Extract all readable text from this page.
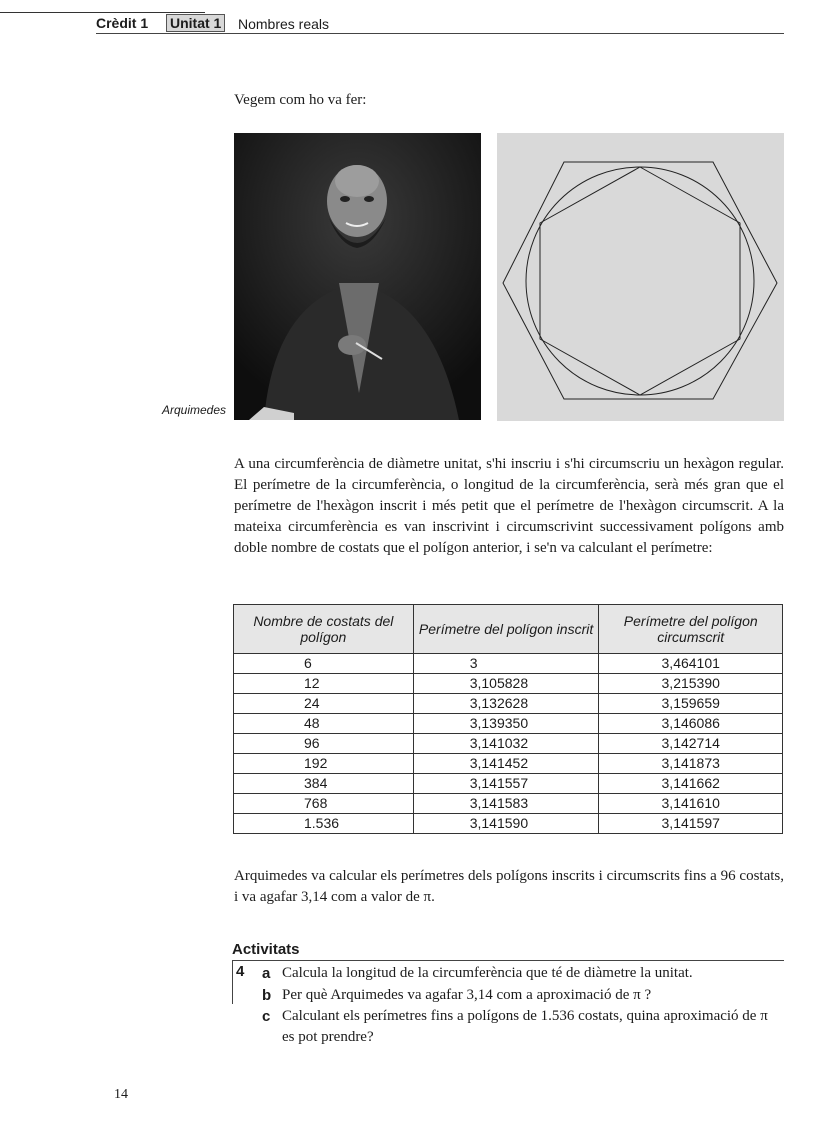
Crèdit 1 Unitat 1 Nombres reals
Vegem com ho va fer:
Arquimedes
A una circumferència de diàmetre unitat, s'hi inscriu i s'hi circumscriu un hexàgon regular. El perímetre de la circumferència, o longitud de la circumferència, serà més gran que el perímetre de l'hexàgon inscrit i més petit que el perímetre de l'hexàgon circumscrit. A la mateixa circumferència es van inscrivint i circumscrivint successivament polígons amb doble nombre de costats que el polígon anterior, i se'n va calculant el perímetre:
Nombre de costats del polígon	Perímetre del polígon inscrit	Perímetre del polígon circumscrit
6	3	3,464101
12	3,105828	3,215390
24	3,132628	3,159659
48	3,139350	3,146086
96	3,141032	3,142714
192	3,141452	3,141873
384	3,141557	3,141662
768	3,141583	3,141610
1.536	3,141590	3,141597
Arquimedes va calcular els perímetres dels polígons inscrits i circumscrits fins a 96 costats, i va agafar 3,14 com a valor de π.
Activitats
4 a Calcula la longitud de la circumferència que té de diàmetre la unitat.
b Per què Arquimedes va agafar 3,14 com a aproximació de π ?
c Calculant els perímetres fins a polígons de 1.536 costats, quina aproximació de π es pot prendre?
14
